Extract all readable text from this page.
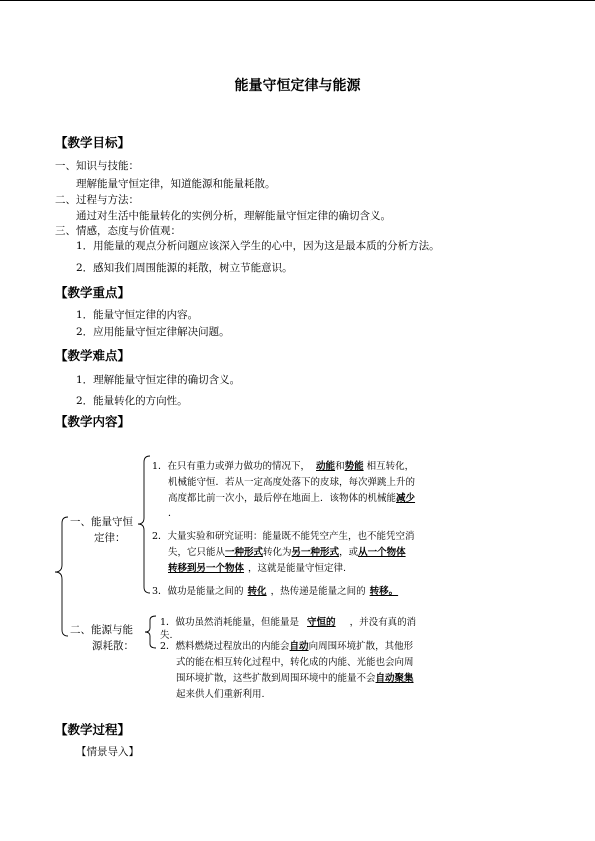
能量守恒定律与能源
【教学目标】
一、知识与技能：
理解能量守恒定律，知道能源和能量耗散。
二、过程与方法：
通过对生活中能量转化的实例分析，理解能量守恒定律的确切含义。
三、情感，态度与价值观：
1．用能量的观点分析问题应该深入学生的心中，因为这是最本质的分析方法。
2．感知我们周围能源的耗散，树立节能意识。
【教学重点】
1．能量守恒定律的内容。
2．应用能量守恒定律解决问题。
【教学难点】
1．理解能量守恒定律的确切含义。
2．能量转化的方向性。
【教学内容】
一、能量守恒
定律：
1．在只有重力或弹力做功的情况下， 动能和势能 相互转化，
机械能守恒．若从一定高度处落下的皮球，每次弹跳上升的
高度都比前一次小，最后停在地面上．该物体的机械能减少
．
2．大量实验和研究证明：能量既不能凭空产生，也不能凭空消
失，它只能从一种形式转化为另一种形式，或从一个物体
转移到另一个物体 ，这就是能量守恒定律.
3．做功是能量之间的 转化 ，热传递是能量之间的 转移。
二、能源与能
源耗散：
1．做功虽然消耗能量，但能量是 守恒的 ，并没有真的消
失.
2．燃料燃烧过程放出的内能会自动向周围环境扩散，其他形
式的能在相互转化过程中，转化成的内能、光能也会向周
围环境扩散，这些扩散到周围环境中的能量不会自动聚集
起来供人们重新利用.
【教学过程】
【情景导入】
